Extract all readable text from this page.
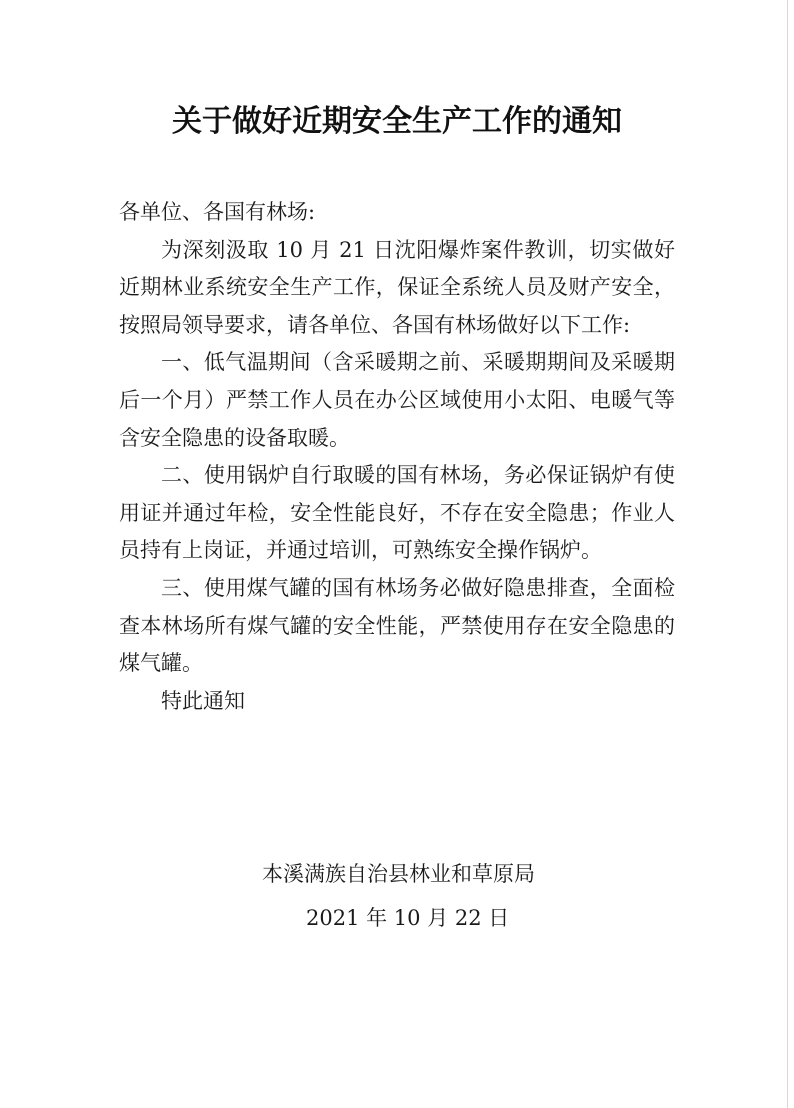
关于做好近期安全生产工作的通知

各单位、各国有林场:

为深刻汲取 10 月 21 日沈阳爆炸案件教训，切实做好近期林业系统安全生产工作，保证全系统人员及财产安全，按照局领导要求，请各单位、各国有林场做好以下工作:

一、低气温期间（含采暖期之前、采暖期期间及采暖期后一个月）严禁工作人员在办公区域使用小太阳、电暖气等含安全隐患的设备取暖。

二、使用锅炉自行取暖的国有林场，务必保证锅炉有使用证并通过年检，安全性能良好，不存在安全隐患；作业人员持有上岗证，并通过培训，可熟练安全操作锅炉。

三、使用煤气罐的国有林场务必做好隐患排查，全面检查本林场所有煤气罐的安全性能，严禁使用存在安全隐患的煤气罐。

特此通知

本溪满族自治县林业和草原局
2021 年 10 月 22 日
